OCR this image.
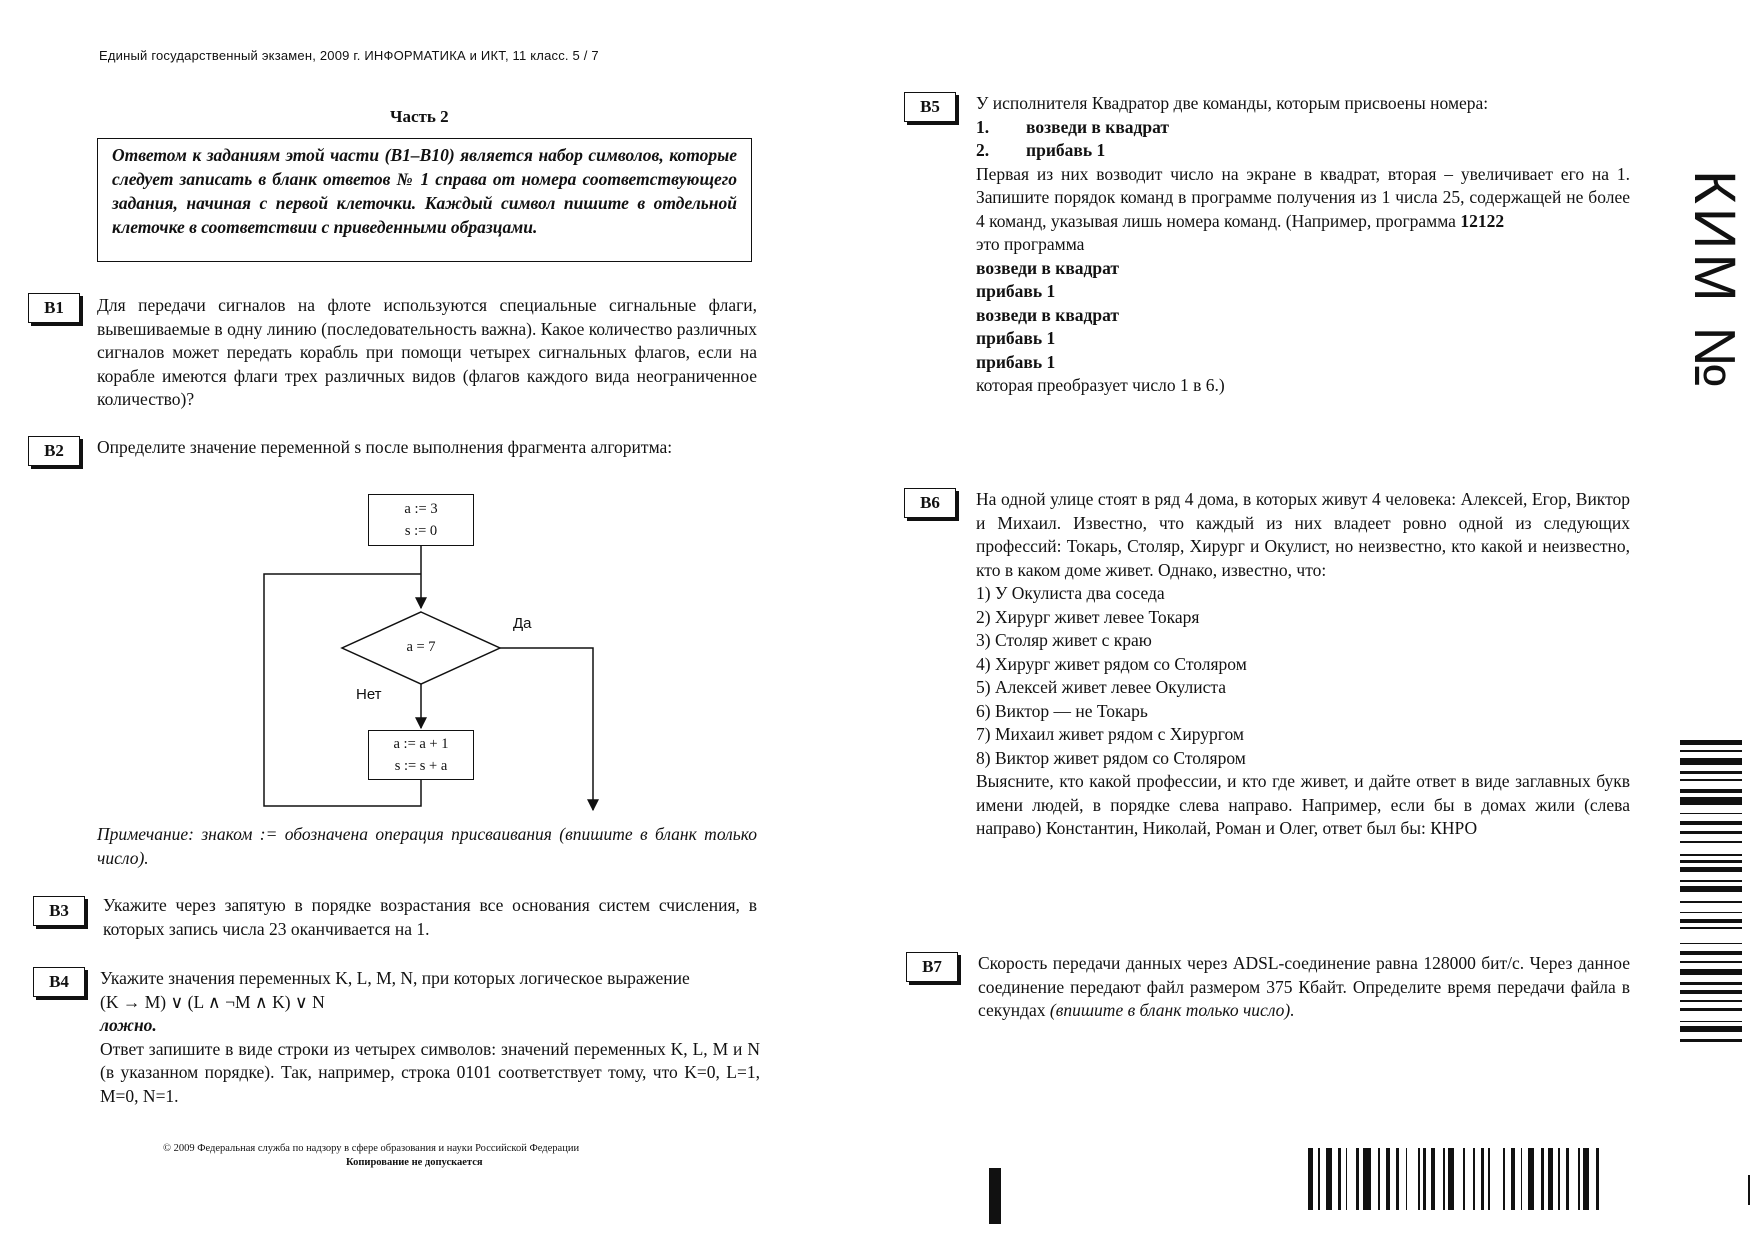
Единый государственный экзамен, 2009 г. ИНФОРМАТИКА и ИКТ, 11 класс. 5 / 7
Часть 2
Ответом к заданиям этой части (В1–В10) является набор символов, которые следует записать в бланк ответов № 1 справа от номера соответствующего задания, начиная с первой клеточки. Каждый символ пишите в отдельной клеточке в соответствии с приведенными образцами.
В1	Для передачи сигналов на флоте используются специальные сигнальные флаги, вывешиваемые в одну линию (последовательность важна). Какое количество различных сигналов может передать корабль при помощи четырех сигнальных флагов, если на корабле имеются флаги трех различных видов (флагов каждого вида неограниченное количество)?
В2	Определите значение переменной s после выполнения фрагмента алгоритма:
a := 3
s := 0
a = 7
Да
Нет
a := a + 1
s := s + a
Примечание: знаком := обозначена операция присваивания (впишите в бланк только число).
В3	Укажите через запятую в порядке возрастания все основания систем счисления, в которых запись числа 23 оканчивается на 1.
В4	Укажите значения переменных K, L, M, N, при которых логическое выражение
(K → M) ∨ (L ∧ ¬M ∧ K) ∨ N
ложно.
Ответ запишите в виде строки из четырех символов: значений переменных K, L, M и N (в указанном порядке). Так, например, строка 0101 соответствует тому, что K=0, L=1, M=0, N=1.
© 2009 Федеральная служба по надзору в сфере образования и науки Российской Федерации
Копирование не допускается
В5	У исполнителя Квадратор две команды, которым присвоены номера:
1. возведи в квадрат
2. прибавь 1
Первая из них возводит число на экране в квадрат, вторая – увеличивает его на 1. Запишите порядок команд в программе получения из 1 числа 25, содержащей не более 4 команд, указывая лишь номера команд. (Например, программа 12122
это программа
возведи в квадрат
прибавь 1
возведи в квадрат
прибавь 1
прибавь 1
которая преобразует число 1 в 6.)
В6	На одной улице стоят в ряд 4 дома, в которых живут 4 человека: Алексей, Егор, Виктор и Михаил. Известно, что каждый из них владеет ровно одной из следующих профессий: Токарь, Столяр, Хирург и Окулист, но неизвестно, кто какой и неизвестно, кто в каком доме живет. Однако, известно, что:
1) У Окулиста два соседа
2) Хирург живет левее Токаря
3) Столяр живет с краю
4) Хирург живет рядом со Столяром
5) Алексей живет левее Окулиста
6) Виктор — не Токарь
7) Михаил живет рядом с Хирургом
8) Виктор живет рядом со Столяром
Выясните, кто какой профессии, и кто где живет, и дайте ответ в виде заглавных букв имени людей, в порядке слева направо. Например, если бы в домах жили (слева направо) Константин, Николай, Роман и Олег, ответ был бы: КНРО
В7	Скорость передачи данных через ADSL-соединение равна 128000 бит/c. Через данное соединение передают файл размером 375 Кбайт. Определите время передачи файла в секундах (впишите в бланк только число).
КИМ №
